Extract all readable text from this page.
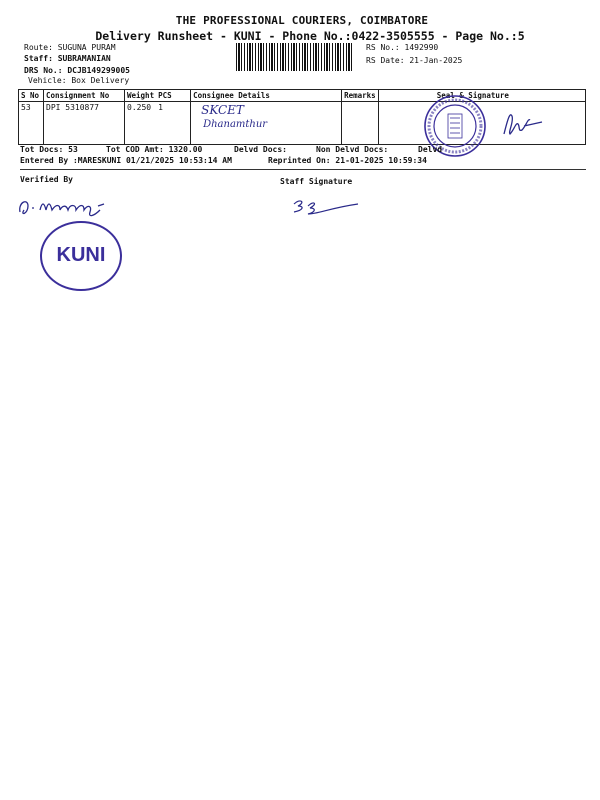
THE PROFESSIONAL COURIERS, COIMBATORE
Delivery Runsheet - KUNI - Phone No.:0422-3505555 - Page No.:5
Route: SUGUNA PURAM
Staff: SUBRAMANIAN
DRS No.: DCJB149299005
Vehicle: Box Delivery
RS No.: 1492990
RS Date: 21-Jan-2025
S No	Consignment No	Weight	PCS	Consignee Details	Remarks	Seal & Signature
53	DPI 5310877	0.250	1	SKCET
Dhanamthur		

Tot Docs: 53	Tot COD Amt: 1320.00	Delvd Docs:	Non Delvd Docs:	Delvd
Entered By :MARESKUNI 01/21/2025 10:53:14 AM	Reprinted On: 21-01-2025 10:59:34
Verified By	Staff Signature
KUNI
